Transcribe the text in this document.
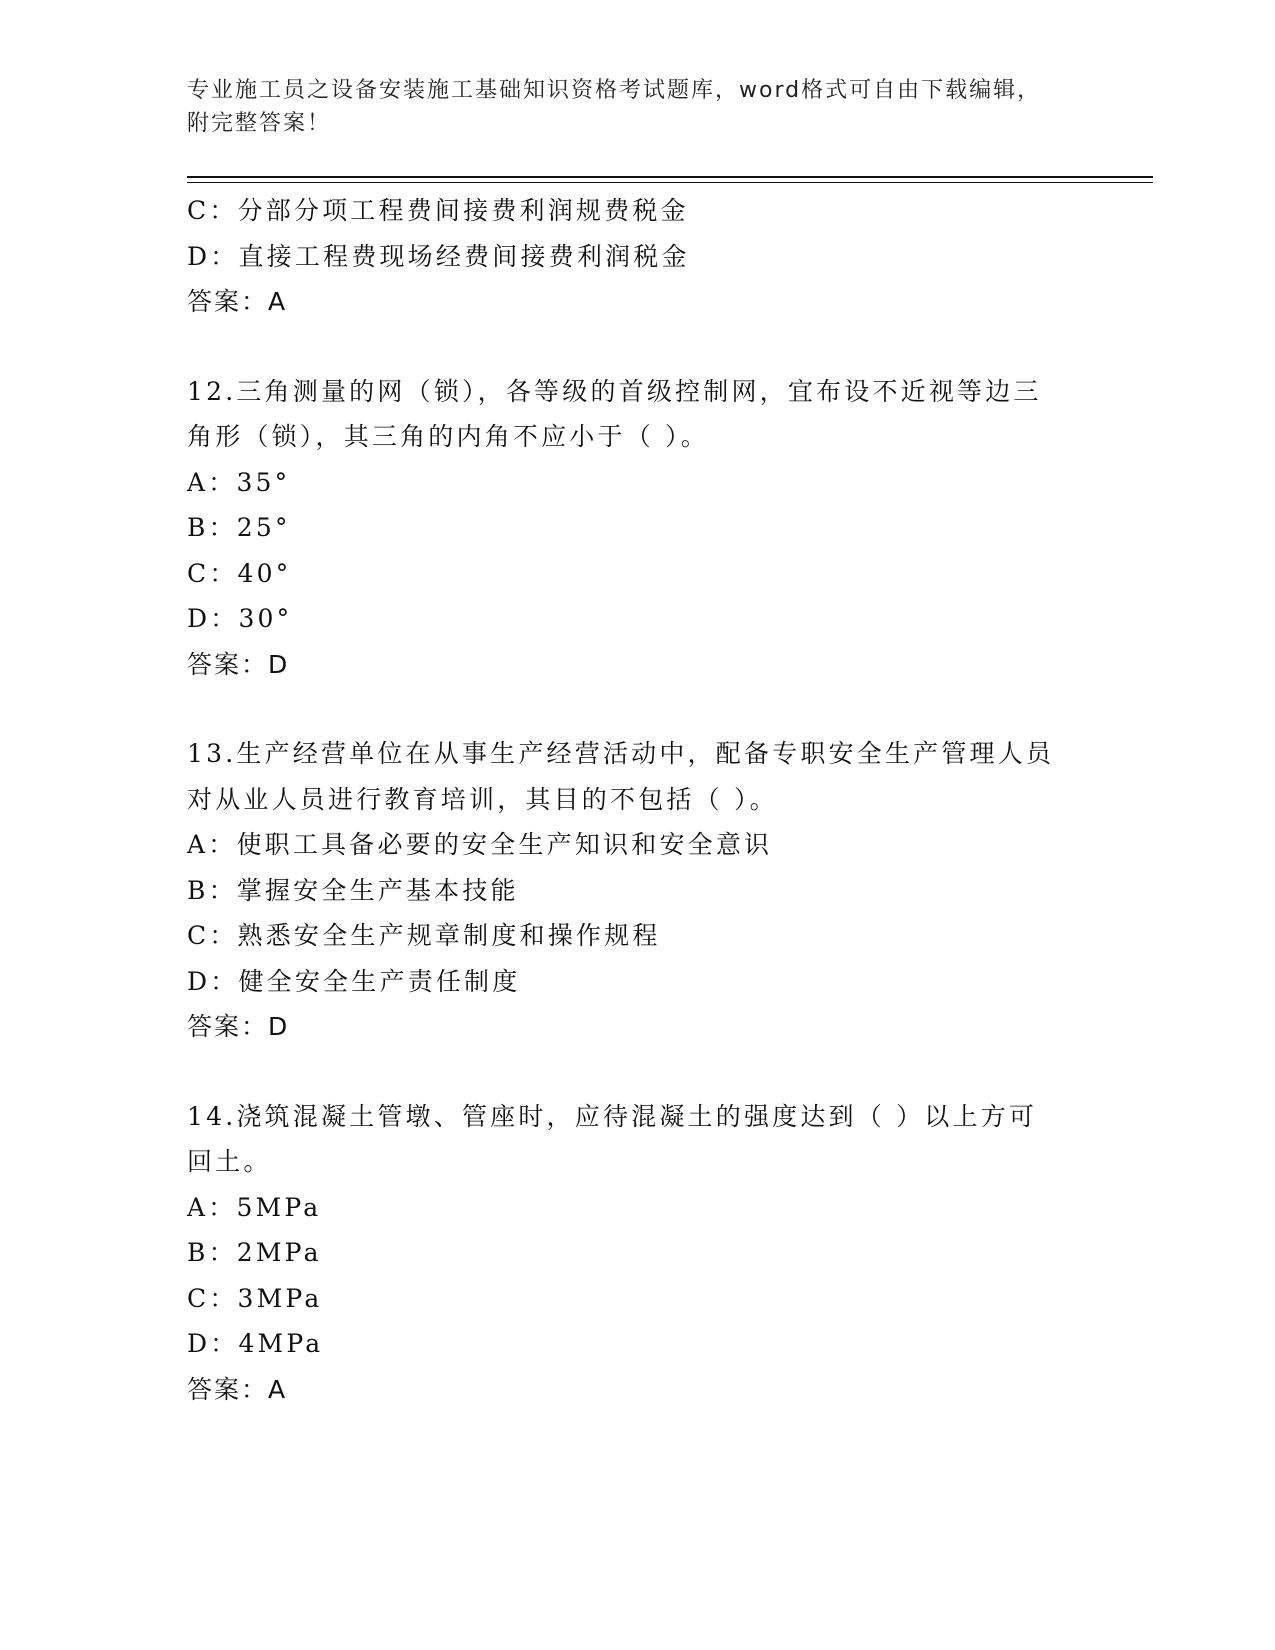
专业施工员之设备安装施工基础知识资格考试题库，word格式可自由下载编辑，
附完整答案！
C：分部分项工程费间接费利润规费税金
D：直接工程费现场经费间接费利润税金
答案：A
12.三角测量的网（锁），各等级的首级控制网，宜布设不近视等边三
角形（锁），其三角的内角不应小于（ ）。
A：35°
B：25°
C：40°
D：30°
答案：D
13.生产经营单位在从事生产经营活动中，配备专职安全生产管理人员
对从业人员进行教育培训，其目的不包括（ ）。
A：使职工具备必要的安全生产知识和安全意识
B：掌握安全生产基本技能
C：熟悉安全生产规章制度和操作规程
D：健全安全生产责任制度
答案：D
14.浇筑混凝土管墩、管座时，应待混凝土的强度达到（ ）以上方可
回土。
A：5MPa
B：2MPa
C：3MPa
D：4MPa
答案：A
